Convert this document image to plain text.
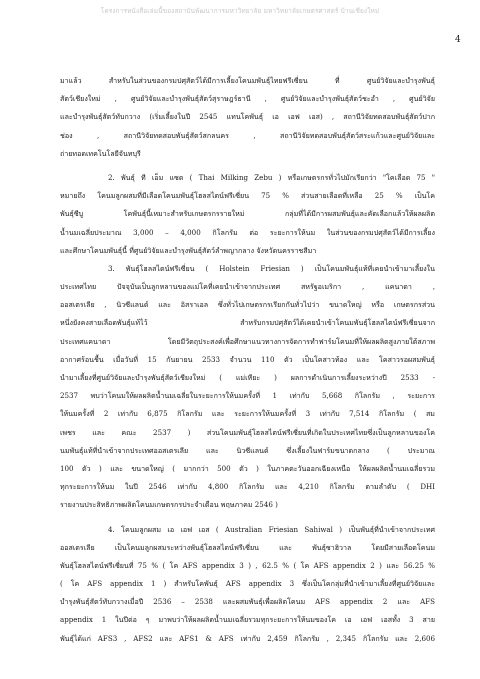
โครงการหนังสือเล่มนี้ของสถาบันพัฒนาการมหาวิทยาลัย มหาวิทยาลัยเกษตรศาสตร์ บ้านเชียงใหม่
4
มาแล้ว สำหรับในส่วนของกรมปศุสัตว์ได้มีการเลี้ยงโคนมพันธุ์ไทยฟรีเซี่ยน ที่ ศูนย์วิจัยและบำรุงพันธุ์
สัตว์เชียงใหม่ , ศูนย์วิจัยและบำรุงพันธุ์สัตว์สุราษฎร์ธานี , ศูนย์วิจัยและบำรุงพันธุ์สัตว์ชะอำ , ศูนย์วิจัย
และบำรุงพันธุ์สัตว์ทับกวาง (เริ่มเลี้ยงในปี 2545 แทนโคพันธุ์ เอ เอฟ เอส) , สถานีวิจัยทดสอบพันธุ์สัตว์ปาก
ช่อง , สถานีวิจัยทดสอบพันธุ์สัตว์สกลนคร , สถานีวิจัยทดสอบพันธุ์สัตว์สระแก้วและศูนย์วิจัยและ
ถ่ายทอดเทคโนโลยีจันทบุรี
2. พันธุ์ ที เอ็ม แซด ( Thai Milking Zebu ) หรือเกษตรกรทั่วไปมักเรียกว่า "โคเลือด 75 "
หมายถึง โคนมลูกผสมที่มีเลือดโคนมพันธุ์โฮลสไตน์ฟรีเซี่ยน 75 % ส่วนสายเลือดที่เหลือ 25 % เป็นโค
พันธุ์ซีบู โคพันธุ์นี้เหมาะสำหรับเกษตรกรรายใหม่ กลุ่มที่ได้มีการผสมพันธุ์และคัดเลือกแล้วให้ผลผลิต
น้ำนมเฉลี่ยประมาณ 3,000 – 4,000 กิโลกรัม ต่อ ระยะการให้นม ในส่วนของกรมปศุสัตว์ได้มีการเลี้ยง
และศึกษาโคนมพันธุ์นี้ ที่ศูนย์วิจัยและบำรุงพันธุ์สัตว์ลำพญากลาง จังหวัดนครราชสีมา
3. พันธุ์โฮลสไตน์ฟรีเซี่ยน ( Holstein Friesian ) เป็นโคนมพันธุ์แท้ที่เคยนำเข้ามาเลี้ยงใน
ประเทศไทย ปัจจุบันเป็นลูกหลานของแม่โคที่เคยนำเข้าจากประเทศ สหรัฐอเมริกา , แคนาดา ,
ออสเตรเลีย , นิวซีแลนด์ และ อิสราเอล ซึ่งทั่วไปเกษตรกรเรียกกันทั่วไปว่า ขนาดใหญ่ หรือ เกษตรกรส่วน
หนึ่งยังคงสายเลือดพันธุ์แท้ไว้ สำหรับกรมปศุสัตว์ได้เคยนำเข้าโคนมพันธุ์โฮลสไตน์ฟรีเซี่ยนจาก
ประเทศแคนาดา โดยมีวัตถุประสงค์เพื่อศึกษาแนวทางการจัดการทำฟาร์มโคนมที่ให้ผลผลิตสูงภายใต้สภาพ
อากาศร้อนชื้น เมื่อวันที่ 15 กันยายน 2533 จำนวน 110 ตัว เป็นโคสาวท้อง และ โคสาวรอผสมพันธุ์
นำมาเลี้ยงที่ศูนย์วิจัยและบำรุงพันธุ์สัตว์เชียงใหม่ ( แม่เหียะ ) ผลการดำเนินการเลี้ยงระหว่างปี 2533 -
2537 พบว่าโคนมให้ผลผลิตน้ำนมเฉลี่ยในระยะการให้นมครั้งที่ 1 เท่ากับ 5,668 กิโลกรัม , ระยะการ
ให้นมครั้งที่ 2 เท่ากับ 6,875 กิโลกรัม และ ระยะการให้นมครั้งที่ 3 เท่ากับ 7,514 กิโลกรัม ( สม
เพชร และ คณะ 2537 ) ส่วนโคนมพันธุ์โฮลสไตน์ฟรีเซี่ยนที่เกิดในประเทศไทยซึ่งเป็นลูกหลานของโค
นมพันธุ์แท้ที่นำเข้าจากประเทศออสเตรเลีย และ นิวซีแลนด์ ซึ่งเลี้ยงในฟาร์มขนาดกลาง ( ประมาณ
100 ตัว ) และ ขนาดใหญ่ ( มากกว่า 500 ตัว ) ในภาคตะวันออกเฉียงเหนือ ให้ผลผลิตน้ำนมเฉลี่ยรวม
ทุกระยะการให้นม ในปี 2546 เท่ากับ 4,800 กิโลกรัม และ 4,210 กิโลกรัม ตามลำดับ ( DHI
รายงานประสิทธิภาพผลิตโคนมเกษตรกรประจำเดือน พฤษภาคม 2546 )
4. โคนมลูกผสม เอ เอฟ เอส ( Australian Friesian Sahiwal ) เป็นพันธุ์ที่นำเข้าจากประเทศ
ออสเตรเลีย เป็นโคนมลูกผสมระหว่างพันธุ์โฮลสไตน์ฟรีเซี่ยน และ พันธุ์ซาฮิวาล โดยมีสายเลือดโคนม
พันธุ์โฮลสไตน์ฟรีเซี่ยนที่ 75 % ( โค AFS appendix 3 ) , 62.5 % ( โค AFS appendix 2 ) และ 56.25 %
( โค AFS appendix 1 ) สำหรับโคพันธุ์ AFS appendix 3 ซึ่งเป็นโคกลุ่มที่นำเข้ามาเลี้ยงที่ศูนย์วิจัยและ
บำรุงพันธุ์สัตว์ทับกวางเมื่อปี 2536 – 2538 และผสมพันธุ์เพื่อผลิตโคนม AFS appendix 2 และ AFS
appendix 1 ในปีต่อ ๆ มาพบว่าให้ผลผลิตน้ำนมเฉลี่ยรวมทุกระยะการให้นมของโค เอ เอฟ เอสทั้ง 3 สาย
พันธุ์ได้แก่ AFS3 , AFS2 และ AFS1 & AFS เท่ากับ 2,459 กิโลกรัม , 2,345 กิโลกรัม และ 2,606
